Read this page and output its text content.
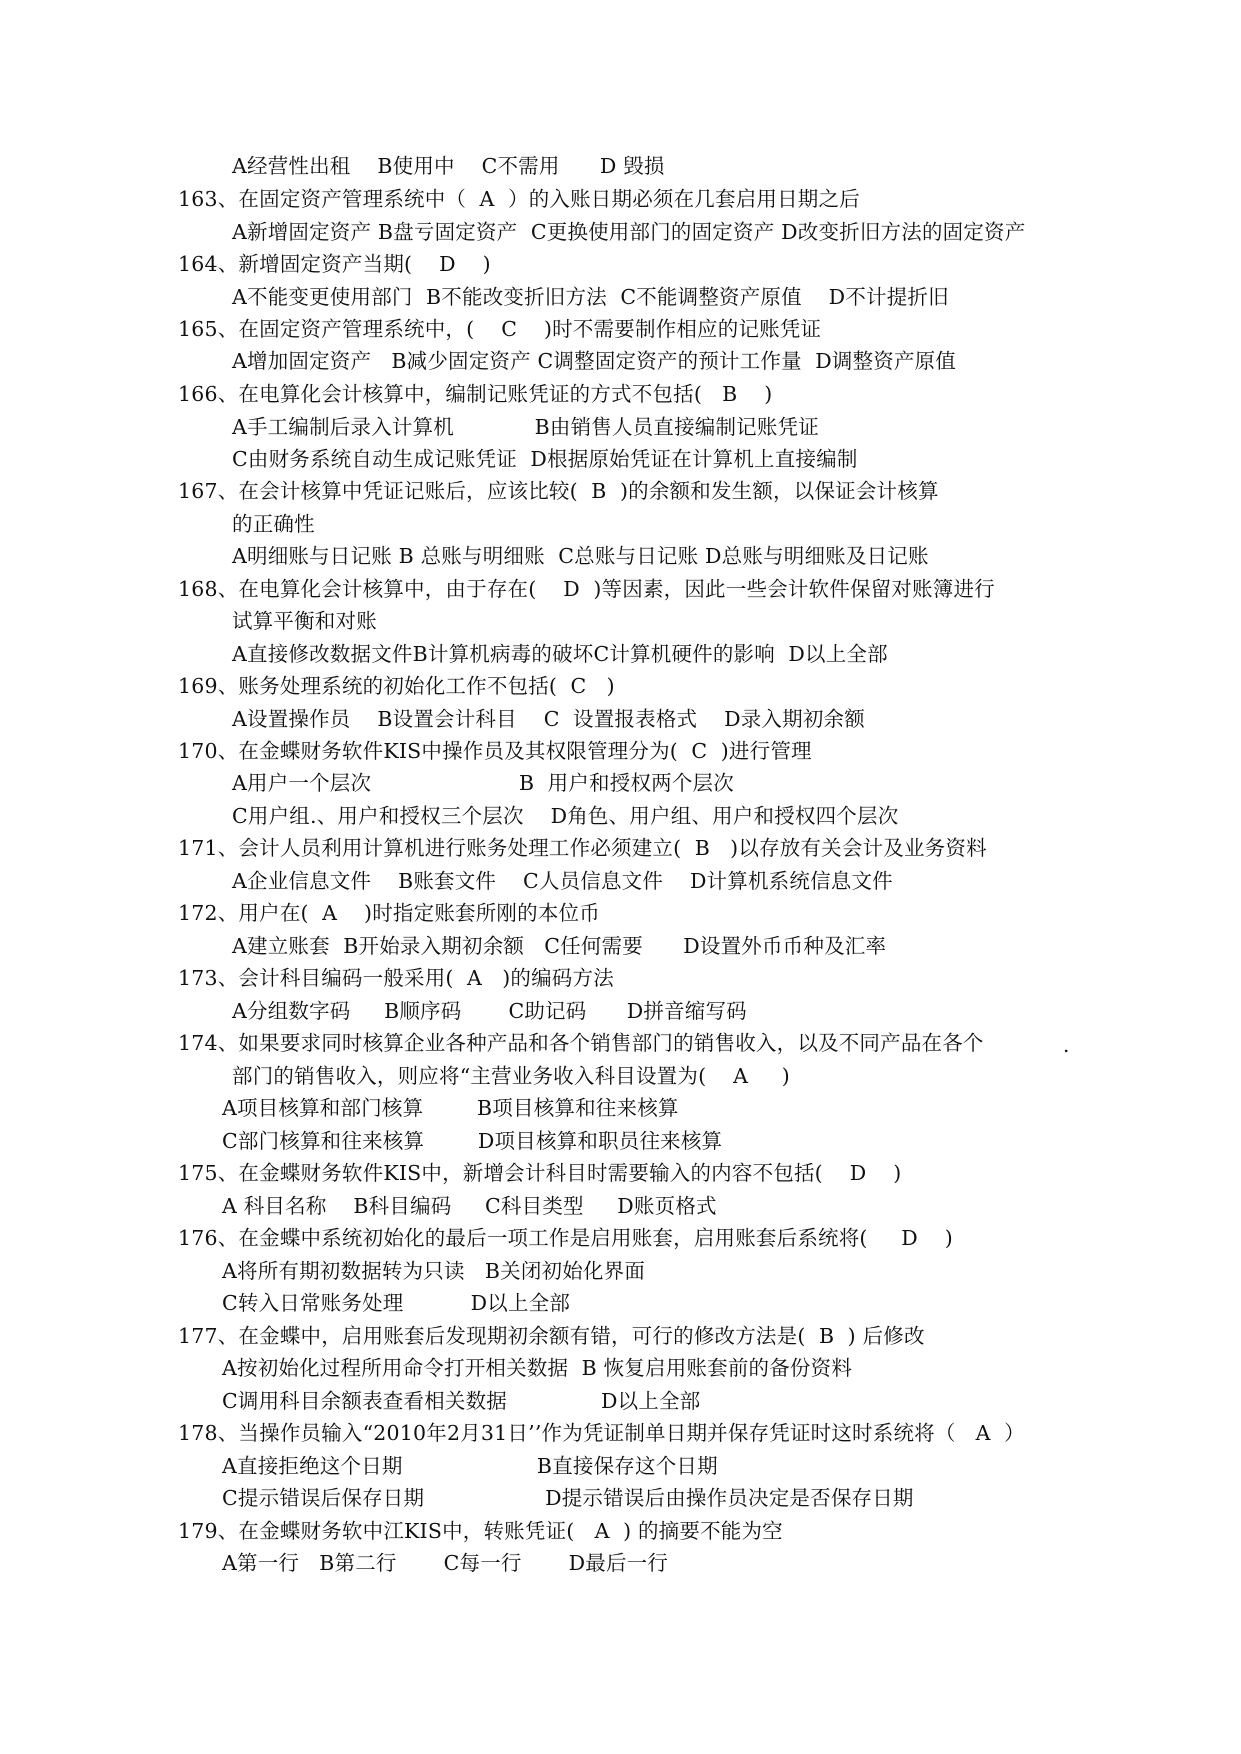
A经营性出租    B使用中    C不需用      D 毁损
163、在固定资产管理系统中（  A  ）的入账日期必须在几套启用日期之后
A新增固定资产 B盘亏固定资产  C更换使用部门的固定资产 D改变折旧方法的固定资产
164、新增固定资产当期(    D    )
A不能变更使用部门  B不能改变折旧方法  C不能调整资产原值    D不计提折旧
165、在固定资产管理系统中，(    C    )时不需要制作相应的记账凭证
A增加固定资产   B减少固定资产 C调整固定资产的预计工作量  D调整资产原值
166、在电算化会计核算中，编制记账凭证的方式不包括(   B    )
A手工编制后录入计算机            B由销售人员直接编制记账凭证
C由财务系统自动生成记账凭证  D根据原始凭证在计算机上直接编制
167、在会计核算中凭证记账后，应该比较(  B  )的余额和发生额，以保证会计核算
的正确性
A明细账与日记账 B 总账与明细账  C总账与日记账 D总账与明细账及日记账
168、在电算化会计核算中，由于存在(    D  )等因素，因此一些会计软件保留对账簿进行
试算平衡和对账
A直接修改数据文件B计算机病毒的破坏C计算机硬件的影响  D以上全部
169、账务处理系统的初始化工作不包括(  C   )
A设置操作员    B设置会计科目    C  设置报表格式    D录入期初余额
170、在金蝶财务软件KIS中操作员及其权限管理分为(  C  )进行管理
A用户一个层次                      B  用户和授权两个层次
C用户组.、用户和授权三个层次    D角色、用户组、用户和授权四个层次
171、会计人员利用计算机进行账务处理工作必须建立(  B   )以存放有关会计及业务资料
A企业信息文件    B账套文件    C人员信息文件    D计算机系统信息文件
172、用户在(  A    )时指定账套所刚的本位币
A建立账套  B开始录入期初余额   C任何需要      D设置外币币种及汇率
173、会计科目编码一般采用(  A   )的编码方法
A分组数字码     B顺序码       C助记码      D拼音缩写码
174、如果要求同时核算企业各种产品和各个销售部门的销售收入，以及不同产品在各个	.
部门的销售收入，则应将“主营业务收入科目设置为(    A     )
A项目核算和部门核算        B项目核算和往来核算
C部门核算和往来核算        D项目核算和职员往来核算
175、在金蝶财务软件KIS中，新增会计科目时需要输入的内容不包括(    D    )
A 科目名称    B科目编码     C科目类型     D账页格式
176、在金蝶中系统初始化的最后一项工作是启用账套，启用账套后系统将(     D    )
A将所有期初数据转为只读   B关闭初始化界面
C转入日常账务处理          D以上全部
177、在金蝶中，启用账套后发现期初余额有错，可行的修改方法是(  B  ) 后修改
A按初始化过程所用命令打开相关数据  B 恢复启用账套前的备份资料
C调用科目余额表查看相关数据              D以上全部
178、当操作员输入“2010年2月31日’’作为凭证制单日期并保存凭证时这时系统将（   A  ）
A直接拒绝这个日期                    B直接保存这个日期
C提示错误后保存日期                  D提示错误后由操作员决定是否保存日期
179、在金蝶财务软中江KIS中，转账凭证(   A  ) 的摘要不能为空
A第一行   B第二行       C每一行       D最后一行
